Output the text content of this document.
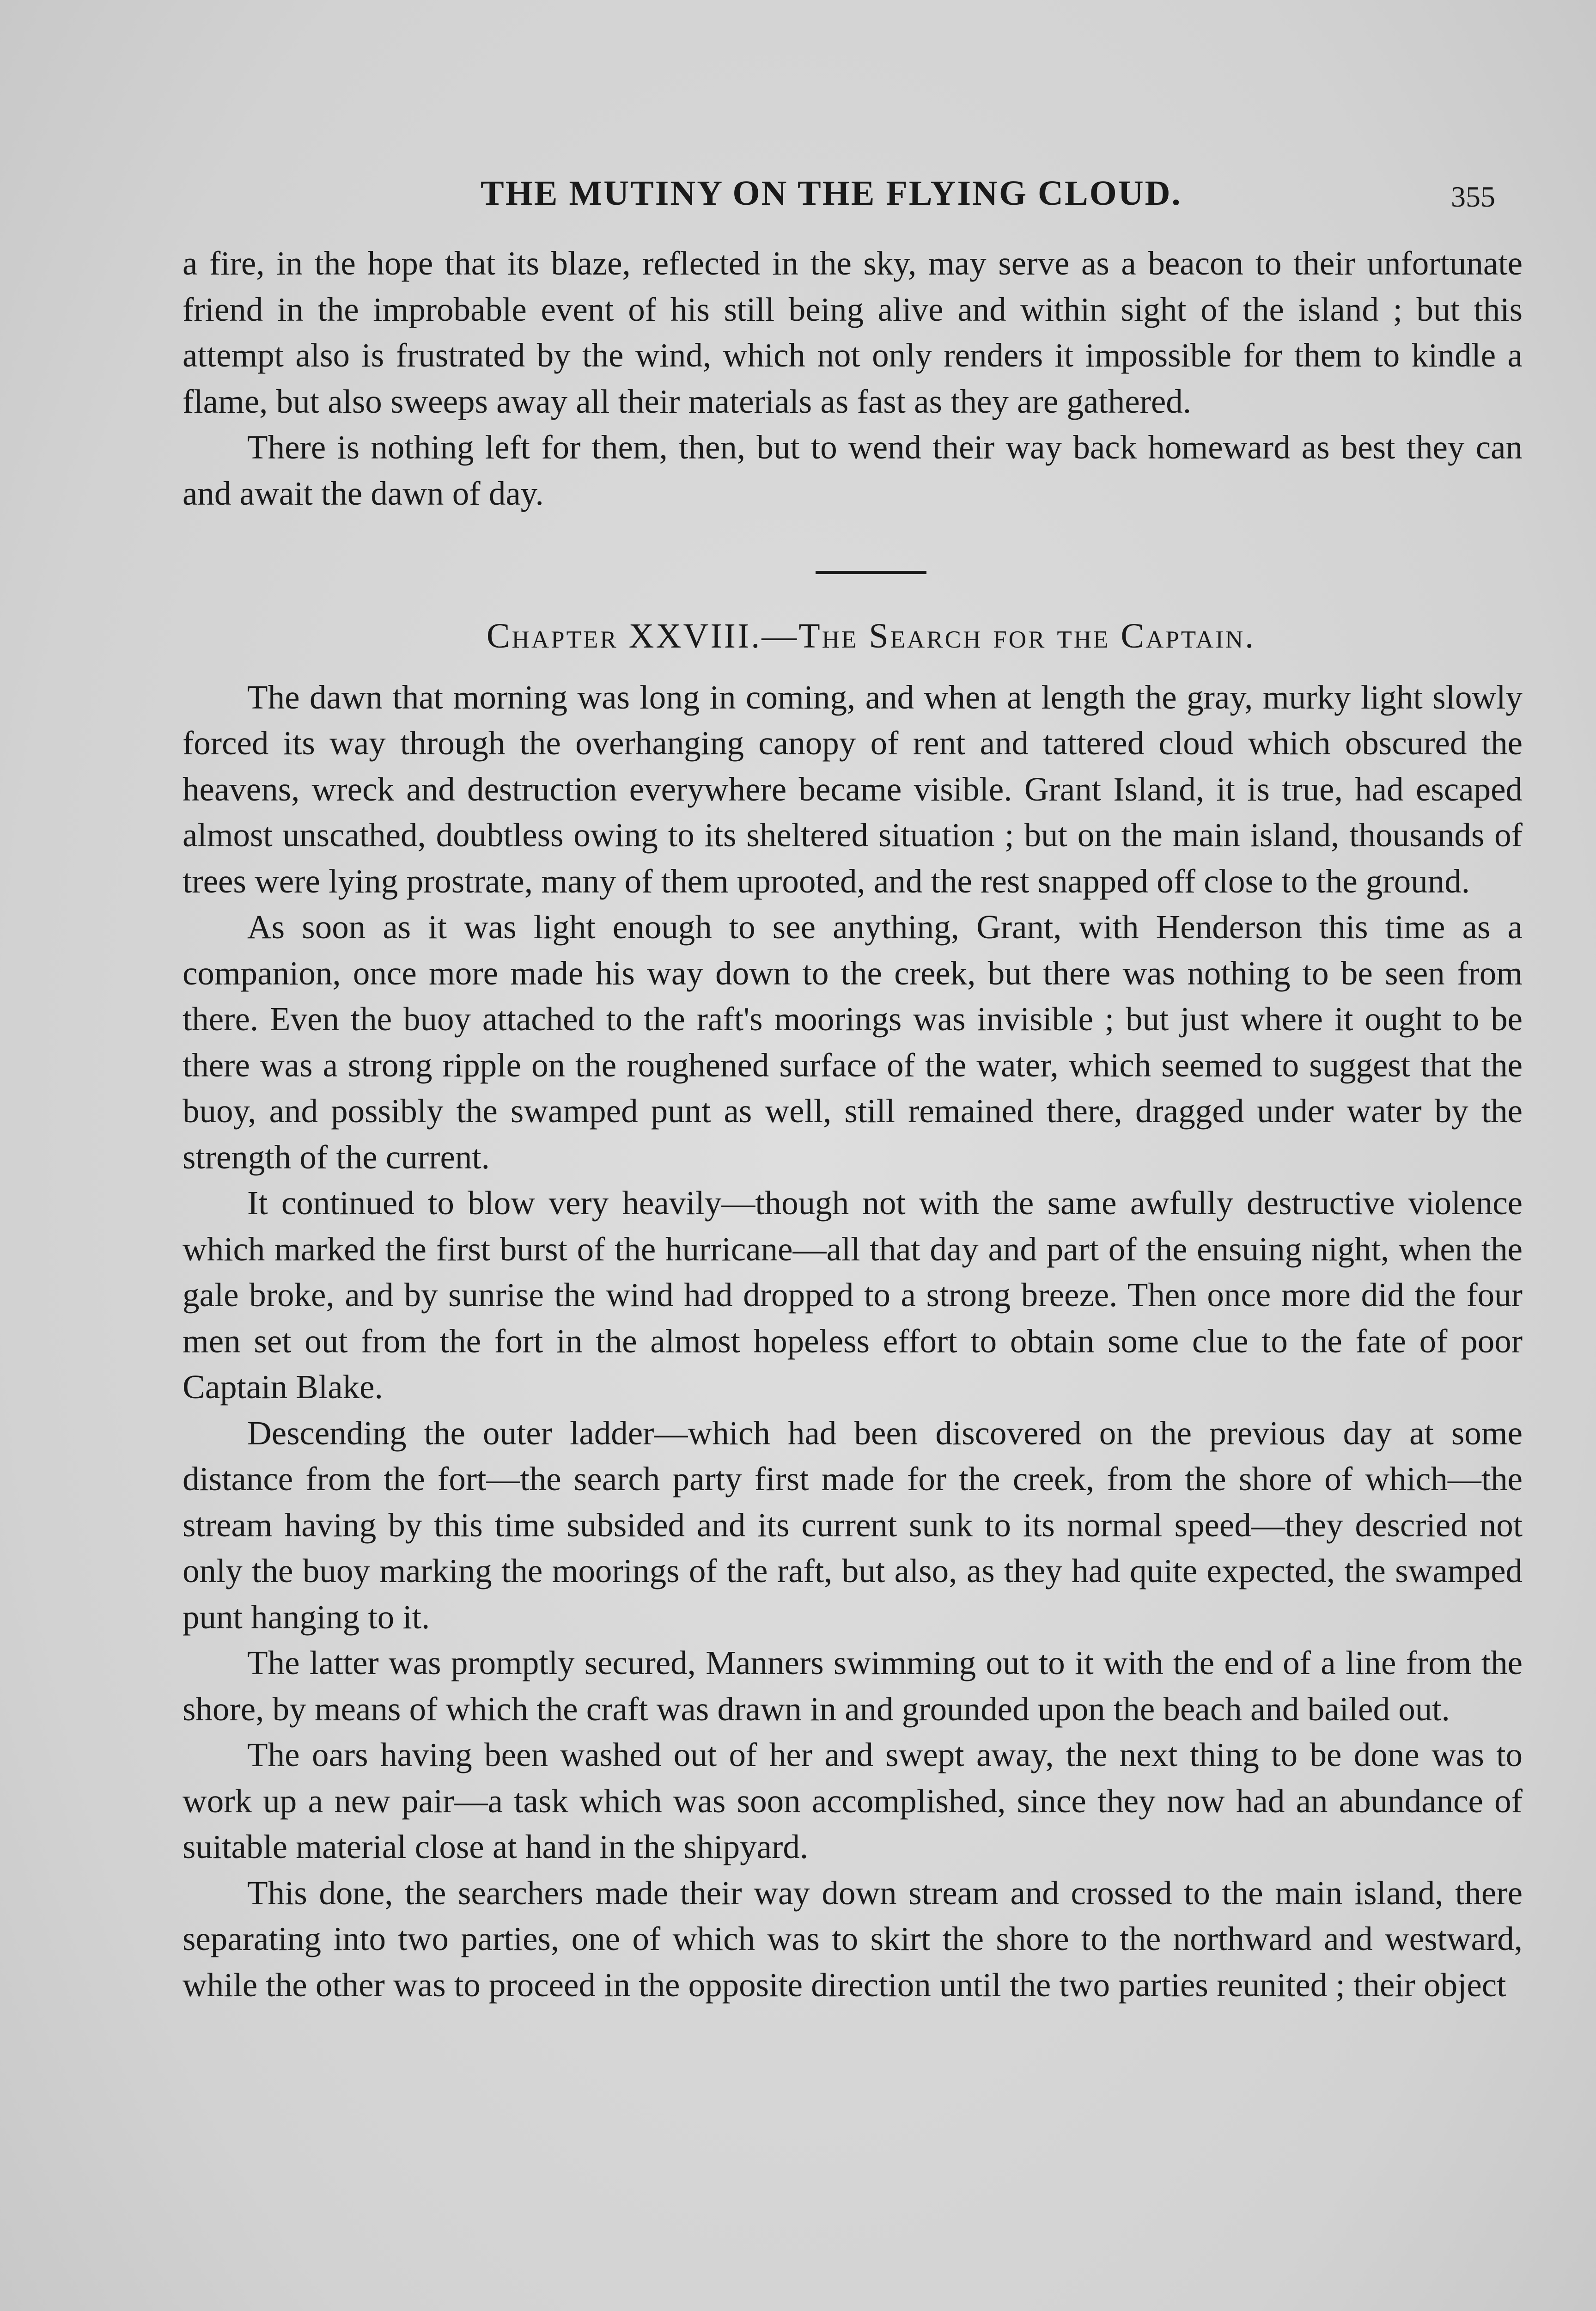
THE MUTINY ON THE FLYING CLOUD.	355

a fire, in the hope that its blaze, reflected in the sky, may serve as a beacon to their unfortunate friend in the improbable event of his still being alive and within sight of the island ; but this attempt also is frustrated by the wind, which not only renders it impossible for them to kindle a flame, but also sweeps away all their materials as fast as they are gathered.

There is nothing left for them, then, but to wend their way back homeward as best they can and await the dawn of day.

Chapter XXVIII.—The Search for the Captain.

The dawn that morning was long in coming, and when at length the gray, murky light slowly forced its way through the overhanging canopy of rent and tattered cloud which obscured the heavens, wreck and destruction everywhere became visible. Grant Island, it is true, had escaped almost unscathed, doubtless owing to its sheltered situation ; but on the main island, thousands of trees were lying prostrate, many of them uprooted, and the rest snapped off close to the ground.

As soon as it was light enough to see anything, Grant, with Henderson this time as a companion, once more made his way down to the creek, but there was nothing to be seen from there. Even the buoy attached to the raft's moorings was invisible ; but just where it ought to be there was a strong ripple on the roughened surface of the water, which seemed to suggest that the buoy, and possibly the swamped punt as well, still remained there, dragged under water by the strength of the current.

It continued to blow very heavily—though not with the same awfully destructive violence which marked the first burst of the hurricane—all that day and part of the ensuing night, when the gale broke, and by sunrise the wind had dropped to a strong breeze. Then once more did the four men set out from the fort in the almost hopeless effort to obtain some clue to the fate of poor Captain Blake.

Descending the outer ladder—which had been discovered on the previous day at some distance from the fort—the search party first made for the creek, from the shore of which—the stream having by this time subsided and its current sunk to its normal speed—they descried not only the buoy marking the moorings of the raft, but also, as they had quite expected, the swamped punt hanging to it.

The latter was promptly secured, Manners swimming out to it with the end of a line from the shore, by means of which the craft was drawn in and grounded upon the beach and bailed out.

The oars having been washed out of her and swept away, the next thing to be done was to work up a new pair—a task which was soon accomplished, since they now had an abundance of suitable material close at hand in the shipyard.

This done, the searchers made their way down stream and crossed to the main island, there separating into two parties, one of which was to skirt the shore to the northward and westward, while the other was to proceed in the opposite direction until the two parties reunited ; their object
